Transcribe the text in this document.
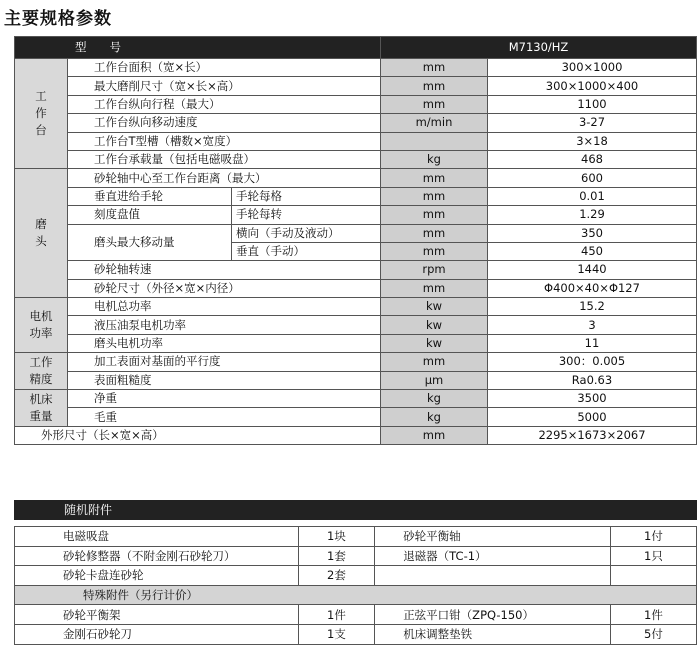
主要规格参数
型　　号			M7130/HZ	
工
作
台	工作台面积（宽×长）		mm	300×1000
	最大磨削尺寸（宽×长×高）		mm	300×1000×400
	工作台纵向行程（最大）		mm	1100
	工作台纵向移动速度		m/min	3-27
	工作台T型槽（槽数×宽度）			3×18
	工作台承载量（包括电磁吸盘）		kg	468
磨
头	砂轮轴中心至工作台距离（最大）		mm	600
	垂直进给手轮	手轮每格	mm	0.01
	刻度盘值	手轮每转	mm	1.29
	磨头最大移动量	横向（手动及液动）	mm	350
		垂直（手动）	mm	450
	砂轮轴转速		rpm	1440
	砂轮尺寸（外径×宽×内径）		mm	Φ400×40×Φ127
电机
功率	电机总功率		kw	15.2
	液压油泵电机功率		kw	3
	磨头电机功率		kw	11
工作
精度	加工表面对基面的平行度		mm	300：0.005
	表面粗糙度		μm	Ra0.63
机床
重量	净重		kg	3500
	毛重		kg	5000
外形尺寸（长×宽×高）			mm	2295×1673×2067
随机附件
电磁吸盘	1块	砂轮平衡轴	1付
砂轮修整器（不附金刚石砂轮刀）	1套	退磁器（TC-1）	1只
砂轮卡盘连砂轮	2套		
特殊附件（另行计价）			
砂轮平衡架	1件	正弦平口钳（ZPQ-150）	1件
金刚石砂轮刀	1支	机床调整垫铁	5付
